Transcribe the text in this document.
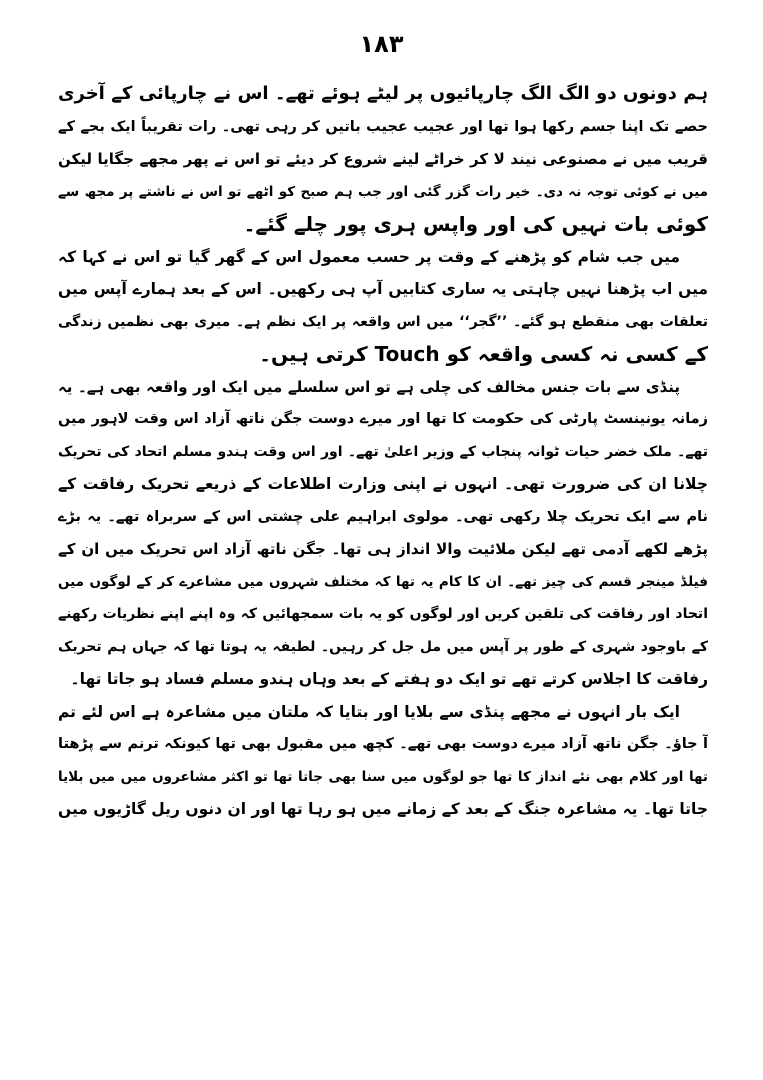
۱۸۳
ہم دونوں دو الگ الگ چارپائیوں پر لیٹے ہوئے تھے۔ اس نے چارپائی کے آخری
حصے تک اپنا جسم رکھا ہوا تھا اور عجیب عجیب باتیں کر رہی تھی۔ رات تقریباً ایک بجے کے
قریب میں نے مصنوعی نیند لا کر خراٹے لینے شروع کر دیئے تو اس نے پھر مجھے جگایا لیکن
میں نے کوئی توجہ نہ دی۔ خیر رات گزر گئی اور جب ہم صبح کو اٹھے تو اس نے ناشتے پر مجھ سے
کوئی بات نہیں کی اور واپس ہری پور چلے گئے۔
میں جب شام کو پڑھنے کے وقت پر حسب معمول اس کے گھر گیا تو اس نے کہا کہ
میں اب پڑھنا نہیں چاہتی یہ ساری کتابیں آپ ہی رکھیں۔ اس کے بعد ہمارے آپس میں
تعلقات بھی منقطع ہو گئے۔ ’’گجر‘‘ میں اس واقعہ پر ایک نظم ہے۔ میری بھی نظمیں زندگی
کے کسی نہ کسی واقعہ کو Touch کرتی ہیں۔
پنڈی سے بات جنس مخالف کی چلی ہے تو اس سلسلے میں ایک اور واقعہ بھی ہے۔ یہ
زمانہ یونینسٹ پارٹی کی حکومت کا تھا اور میرے دوست جگن ناتھ آزاد اس وقت لاہور میں
تھے۔ ملک خضر حیات ٹوانہ پنجاب کے وزیر اعلیٰ تھے۔ اور اس وقت ہندو مسلم اتحاد کی تحریک
چلانا ان کی ضرورت تھی۔ انہوں نے اپنی وزارت اطلاعات کے ذریعے تحریک رفاقت کے
نام سے ایک تحریک چلا رکھی تھی۔ مولوی ابراہیم علی چشتی اس کے سربراہ تھے۔ یہ بڑے
پڑھے لکھے آدمی تھے لیکن ملائیت والا انداز ہی تھا۔ جگن ناتھ آزاد اس تحریک میں ان کے
فیلڈ مینجر قسم کی چیز تھے۔ ان کا کام یہ تھا کہ مختلف شہروں میں مشاعرے کر کے لوگوں میں
اتحاد اور رفاقت کی تلقین کریں اور لوگوں کو یہ بات سمجھائیں کہ وہ اپنے اپنے نظریات رکھنے
کے باوجود شہری کے طور پر آپس میں مل جل کر رہیں۔ لطیفہ یہ ہوتا تھا کہ جہاں ہم تحریک
رفاقت کا اجلاس کرتے تھے تو ایک دو ہفتے کے بعد وہاں ہندو مسلم فساد ہو جاتا تھا۔
ایک بار انہوں نے مجھے پنڈی سے بلایا اور بتایا کہ ملتان میں مشاعرہ ہے اس لئے تم
آ جاؤ۔ جگن ناتھ آزاد میرے دوست بھی تھے۔ کچھ میں مقبول بھی تھا کیونکہ ترنم سے پڑھتا
تھا اور کلام بھی نئے انداز کا تھا جو لوگوں میں سنا بھی جاتا تھا تو اکثر مشاعروں میں میں بلایا
جاتا تھا۔ یہ مشاعرہ جنگ کے بعد کے زمانے میں ہو رہا تھا اور ان دنوں ریل گاڑیوں میں
